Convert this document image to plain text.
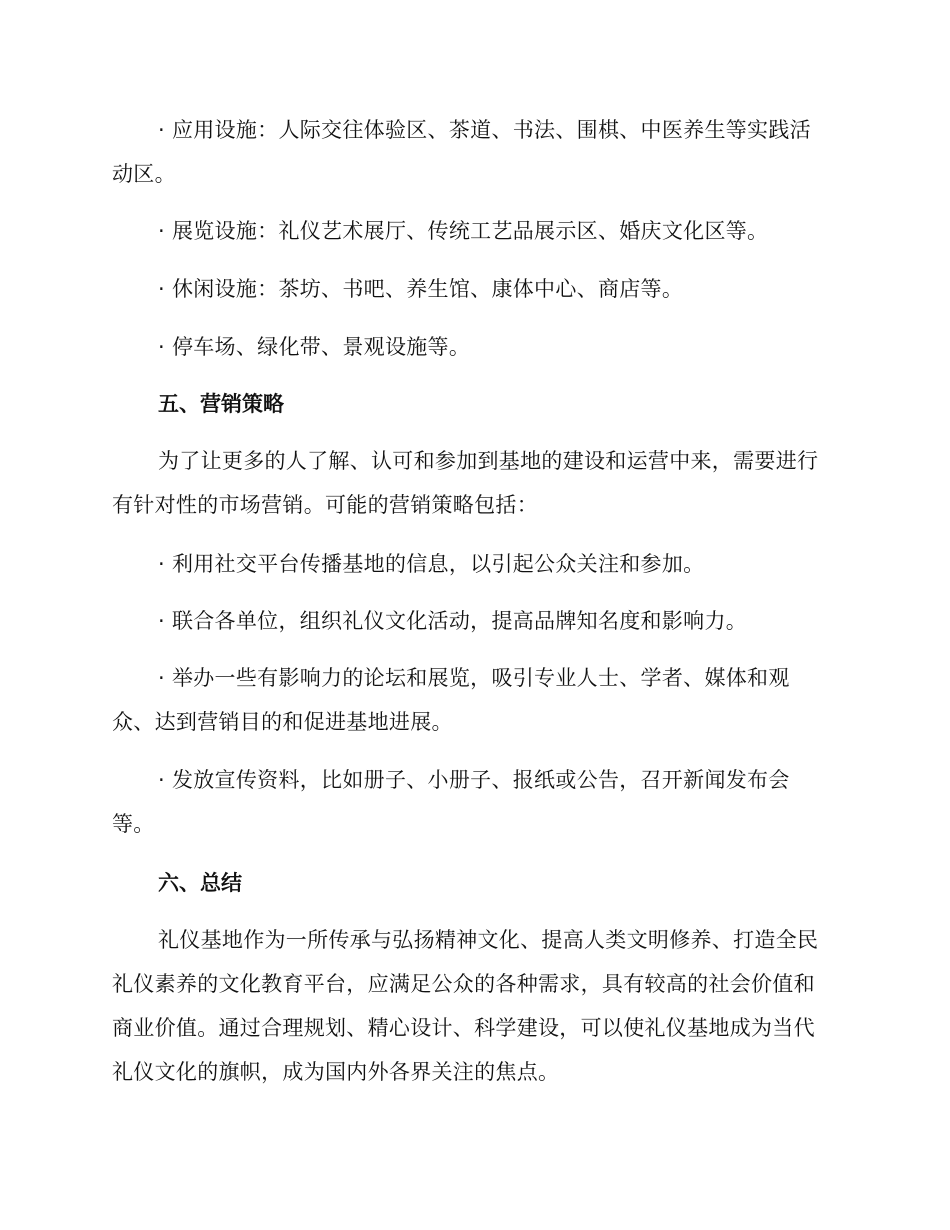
· 应用设施：人际交往体验区、茶道、书法、围棋、中医养生等实践活
动区。

· 展览设施：礼仪艺术展厅、传统工艺品展示区、婚庆文化区等。

· 休闲设施：茶坊、书吧、养生馆、康体中心、商店等。

· 停车场、绿化带、景观设施等。

五、营销策略

为了让更多的人了解、认可和参加到基地的建设和运营中来，需要进行
有针对性的市场营销。可能的营销策略包括：

· 利用社交平台传播基地的信息，以引起公众关注和参加。

· 联合各单位，组织礼仪文化活动，提高品牌知名度和影响力。

· 举办一些有影响力的论坛和展览，吸引专业人士、学者、媒体和观
众、达到营销目的和促进基地进展。

· 发放宣传资料，比如册子、小册子、报纸或公告，召开新闻发布会
等。

六、总结

礼仪基地作为一所传承与弘扬精神文化、提高人类文明修养、打造全民
礼仪素养的文化教育平台，应满足公众的各种需求，具有较高的社会价值和
商业价值。通过合理规划、精心设计、科学建设，可以使礼仪基地成为当代
礼仪文化的旗帜，成为国内外各界关注的焦点。
